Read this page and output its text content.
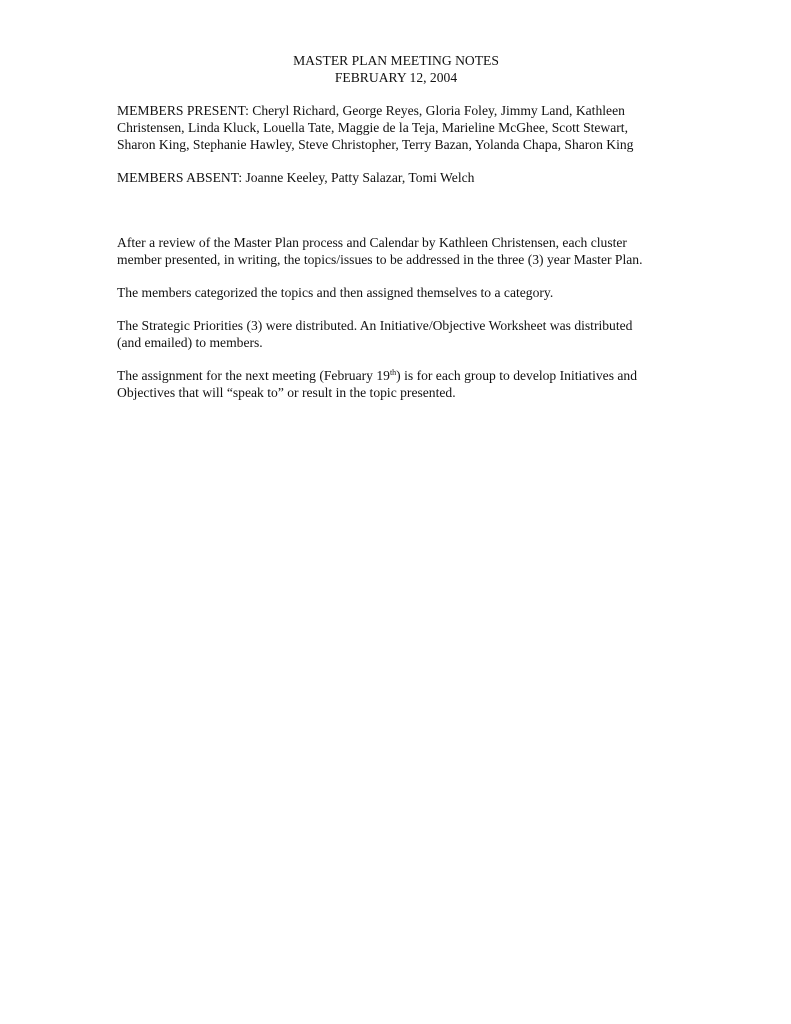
MASTER PLAN MEETING NOTES
FEBRUARY 12, 2004

MEMBERS PRESENT: Cheryl Richard, George Reyes, Gloria Foley, Jimmy Land, Kathleen
Christensen, Linda Kluck, Louella Tate, Maggie de la Teja, Marieline McGhee, Scott Stewart,
Sharon King, Stephanie Hawley, Steve Christopher, Terry Bazan, Yolanda Chapa, Sharon King

MEMBERS ABSENT: Joanne Keeley, Patty Salazar, Tomi Welch

After a review of the Master Plan process and Calendar by Kathleen Christensen, each cluster
member presented, in writing, the topics/issues to be addressed in the three (3) year Master Plan.

The members categorized the topics and then assigned themselves to a category.

The Strategic Priorities (3) were distributed. An Initiative/Objective Worksheet was distributed
(and emailed) to members.

The assignment for the next meeting (February 19th) is for each group to develop Initiatives and
Objectives that will “speak to” or result in the topic presented.
